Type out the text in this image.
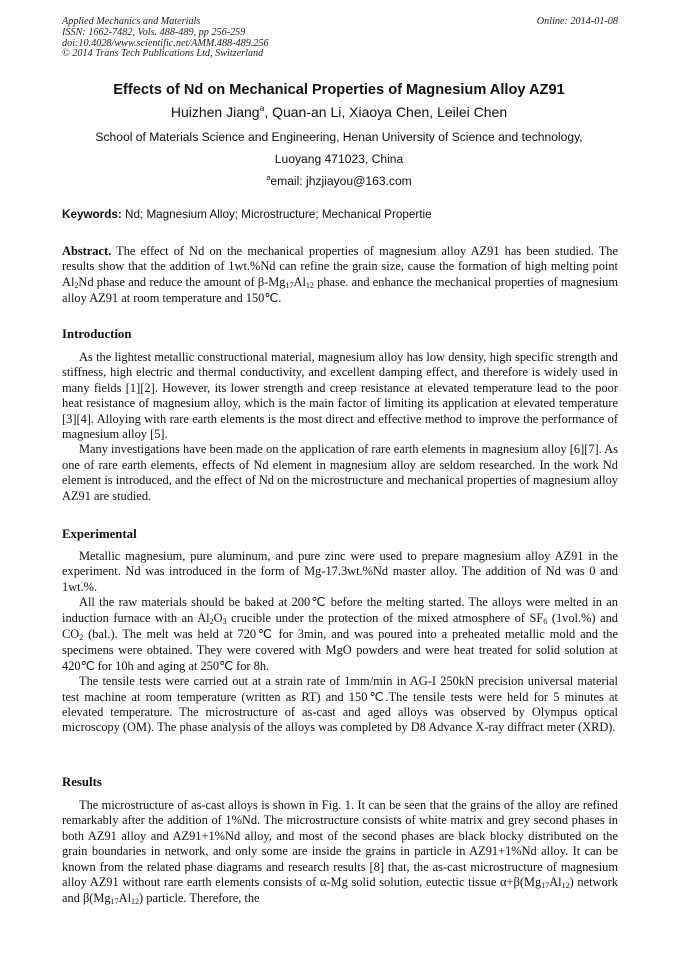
Applied Mechanics and Materials
ISSN: 1662-7482, Vols. 488-489, pp 256-259
doi:10.4028/www.scientific.net/AMM.488-489.256
© 2014 Trans Tech Publications Ltd, Switzerland
Online: 2014-01-08
Effects of Nd on Mechanical Properties of Magnesium Alloy AZ91
Huizhen Jiang$^a$, Quan-an Li, Xiaoya Chen, Leilei Chen
School of Materials Science and Engineering, Henan University of Science and technology,
Luoyang 471023, China
$^a$email: jhzjiayou@163.com
Keywords: Nd; Magnesium Alloy; Microstructure; Mechanical Propertie

Abstract. The effect of Nd on the mechanical properties of magnesium alloy AZ91 has been studied. The results show that the addition of 1wt.%Nd can refine the grain size, cause the formation of high melting point $Al_2Nd$ phase and reduce the amount of $\beta-Mg_{17}Al_{12}$ phase. and enhance the mechanical properties of magnesium alloy AZ91 at room temperature and 150℃.

Introduction

As the lightest metallic constructional material, magnesium alloy has low density, high specific strength and stiffness, high electric and thermal conductivity, and excellent damping effect, and therefore is widely used in many fields [1][2]. However, its lower strength and creep resistance at elevated temperature lead to the poor heat resistance of magnesium alloy, which is the main factor of limiting its application at elevated temperature [3][4]. Alloying with rare earth elements is the most direct and effective method to improve the performance of magnesium alloy [5].

Many investigations have been made on the application of rare earth elements in magnesium alloy [6][7]. As one of rare earth elements, effects of Nd element in magnesium alloy are seldom researched. In the work Nd element is introduced, and the effect of Nd on the microstructure and mechanical properties of magnesium alloy AZ91 are studied.

Experimental

Metallic magnesium, pure aluminum, and pure zinc were used to prepare magnesium alloy AZ91 in the experiment. Nd was introduced in the form of Mg-17.3wt.%Nd master alloy. The addition of Nd was 0 and 1wt.%.

All the raw materials should be baked at 200℃ before the melting started. The alloys were melted in an induction furnace with an $Al_2O_3$ crucible under the protection of the mixed atmosphere of $SF_6$ (1vol.%) and $CO_2$ (bal.). The melt was held at 720℃ for 3min, and was poured into a preheated metallic mold and the specimens were obtained. They were covered with MgO powders and were heat treated for solid solution at 420℃ for 10h and aging at 250℃ for 8h.

The tensile tests were carried out at a strain rate of 1mm/min in AG-I 250kN precision universal material test machine at room temperature (written as RT) and 150℃.The tensile tests were held for 5 minutes at elevated temperature. The microstructure of as-cast and aged alloys was observed by Olympus optical microscopy (OM). The phase analysis of the alloys was completed by D8 Advance X-ray diffract meter (XRD).

Results

The microstructure of as-cast alloys is shown in Fig. 1. It can be seen that the grains of the alloy are refined remarkably after the addition of 1%Nd. The microstructure consists of white matrix and grey second phases in both AZ91 alloy and AZ91+1%Nd alloy, and most of the second phases are black blocky distributed on the grain boundaries in network, and only some are inside the grains in particle in AZ91+1%Nd alloy. It can be known from the related phase diagrams and research results [8] that, the as-cast microstructure of magnesium alloy AZ91 without rare earth elements consists of α-Mg solid solution, eutectic tissue $\alpha+\beta(Mg_{17}Al_{12})$ network and $\beta(Mg_{17}Al_{12})$ particle. Therefore, the
